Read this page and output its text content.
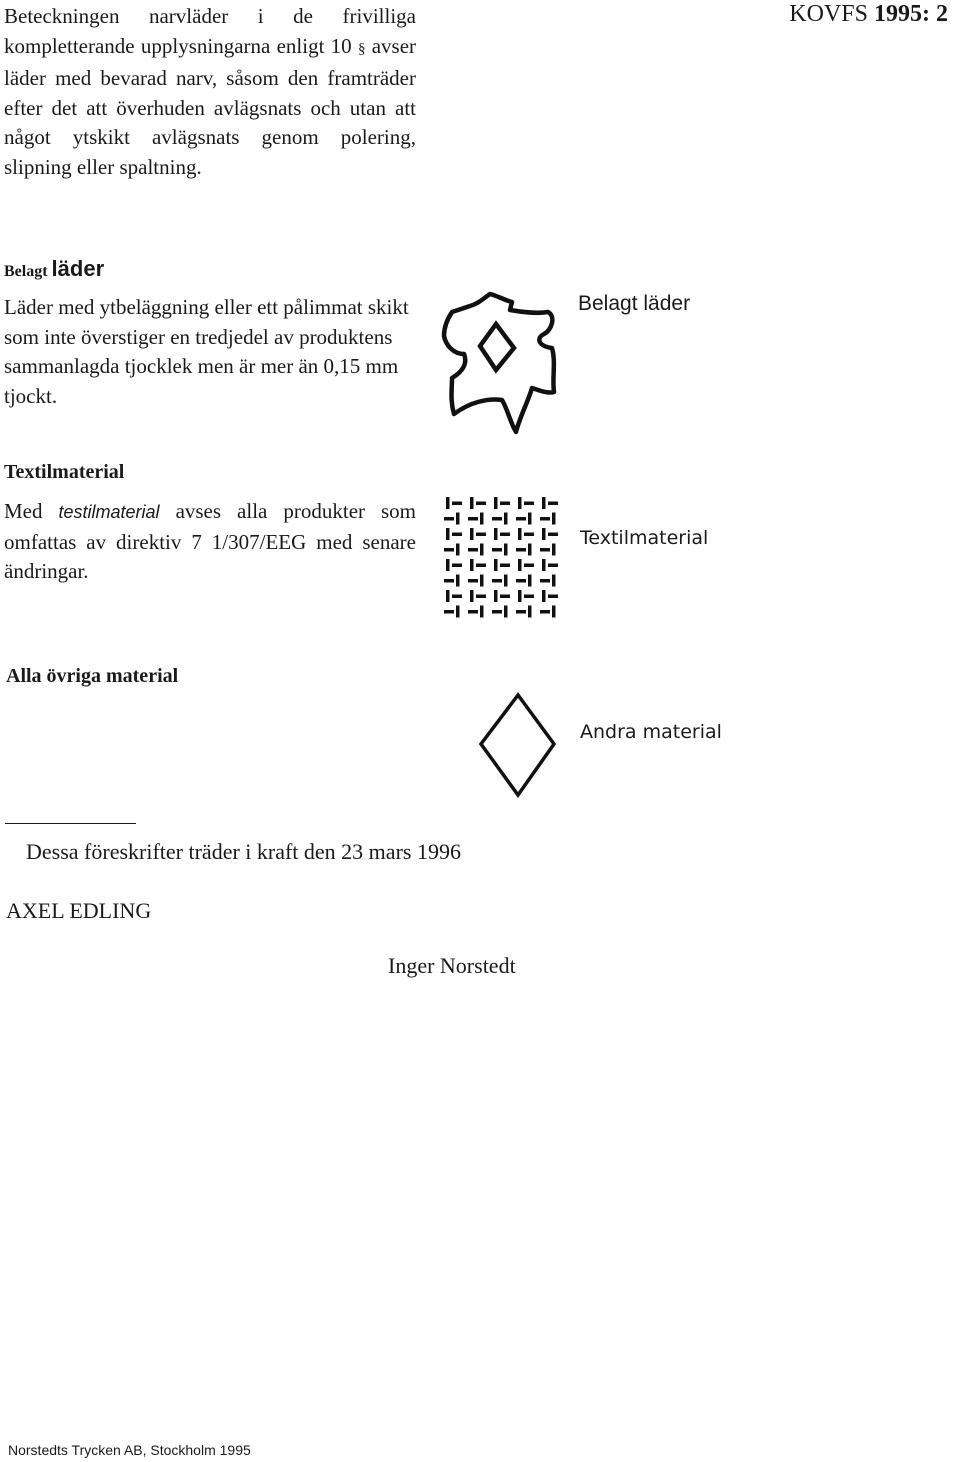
KOVFS 1995: 2

Beteckningen narvläder i de frivilliga kompletterande upplysningarna enligt 10 § avser läder med bevarad narv, såsom den framträder efter det att överhuden avlägsnats och utan att något ytskikt avlägsnats genom polering, slipning eller spaltning.

Belagt läder

Läder med ytbeläggning eller ett pålimmat skikt som inte överstiger en tredjedel av produktens sammanlagda tjocklek men är mer än 0,15 mm tjockt.

Belagt läder
Textilmaterial

Med testilmaterial avses alla produkter som omfattas av direktiv 7 1/307/EEG med senare ändringar.

Textilmaterial
Alla övriga material
Andra material
Dessa föreskrifter träder i kraft den 23 mars 1996
AXEL EDLING
Inger Norstedt
Norstedts Trycken AB, Stockholm 1995
